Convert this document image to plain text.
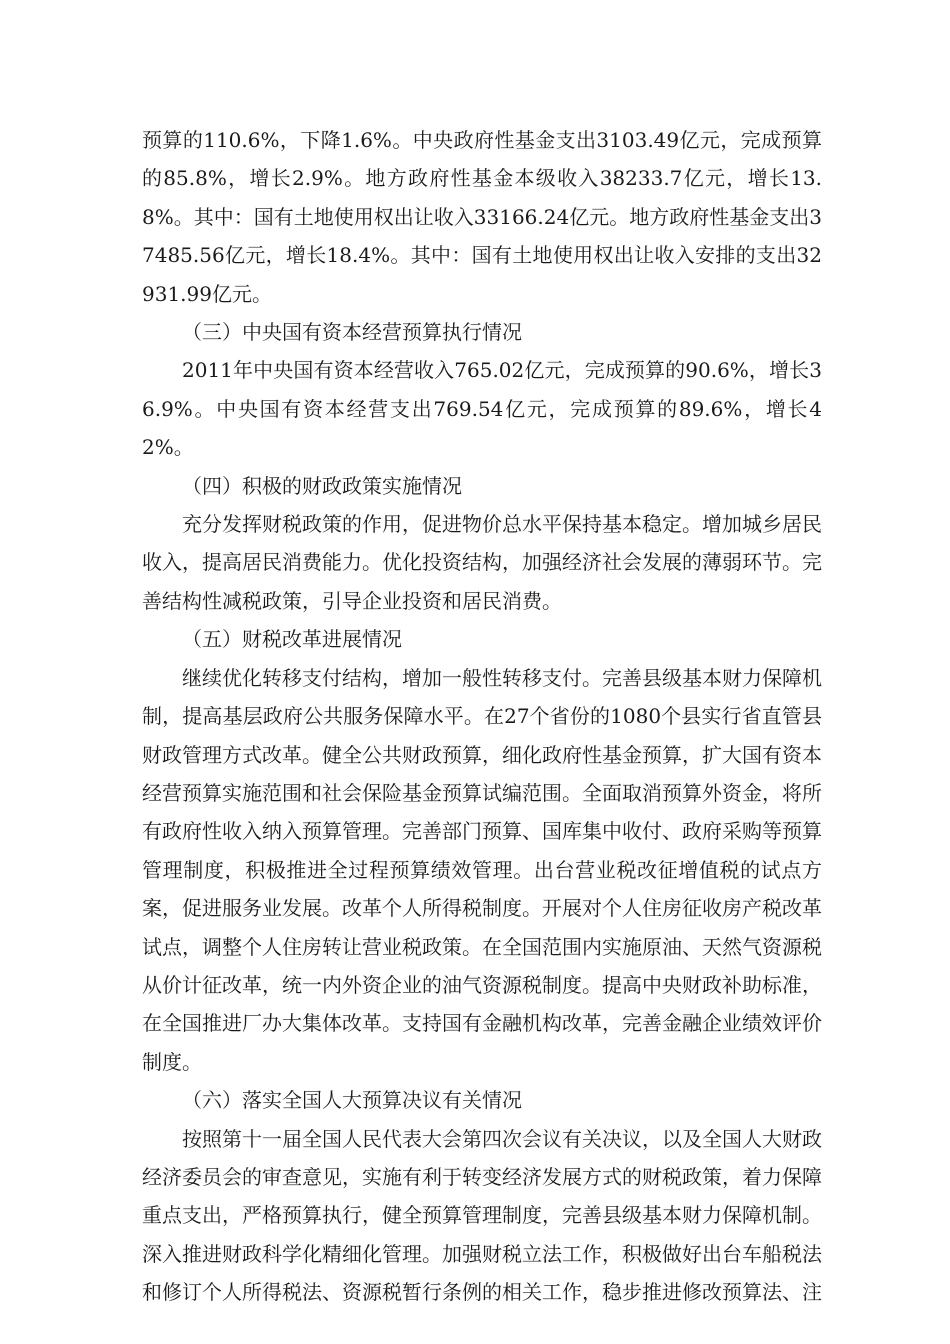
预算的110.6%，下降1.6%。中央政府性基金支出3103.49亿元，完成预算的85.8%，增长2.9%。地方政府性基金本级收入38233.7亿元，增长13.8%。其中：国有土地使用权出让收入33166.24亿元。地方政府性基金支出37485.56亿元，增长18.4%。其中：国有土地使用权出让收入安排的支出32931.99亿元。

（三）中央国有资本经营预算执行情况

2011年中央国有资本经营收入765.02亿元，完成预算的90.6%，增长36.9%。中央国有资本经营支出769.54亿元，完成预算的89.6%，增长42%。

（四）积极的财政政策实施情况

充分发挥财税政策的作用，促进物价总水平保持基本稳定。增加城乡居民收入，提高居民消费能力。优化投资结构，加强经济社会发展的薄弱环节。完善结构性减税政策，引导企业投资和居民消费。

（五）财税改革进展情况

继续优化转移支付结构，增加一般性转移支付。完善县级基本财力保障机制，提高基层政府公共服务保障水平。在27个省份的1080个县实行省直管县财政管理方式改革。健全公共财政预算，细化政府性基金预算，扩大国有资本经营预算实施范围和社会保险基金预算试编范围。全面取消预算外资金，将所有政府性收入纳入预算管理。完善部门预算、国库集中收付、政府采购等预算管理制度，积极推进全过程预算绩效管理。出台营业税改征增值税的试点方案，促进服务业发展。改革个人所得税制度。开展对个人住房征收房产税改革试点，调整个人住房转让营业税政策。在全国范围内实施原油、天然气资源税从价计征改革，统一内外资企业的油气资源税制度。提高中央财政补助标准，在全国推进厂办大集体改革。支持国有金融机构改革，完善金融企业绩效评价制度。

（六）落实全国人大预算决议有关情况

按照第十一届全国人民代表大会第四次会议有关决议，以及全国人大财政经济委员会的审查意见，实施有利于转变经济发展方式的财税政策，着力保障重点支出，严格预算执行，健全预算管理制度，完善县级基本财力保障机制。深入推进财政科学化精细化管理。加强财税立法工作，积极做好出台车船税法和修订个人所得税法、资源税暂行条例的相关工作，稳步推进修改预算法、注
